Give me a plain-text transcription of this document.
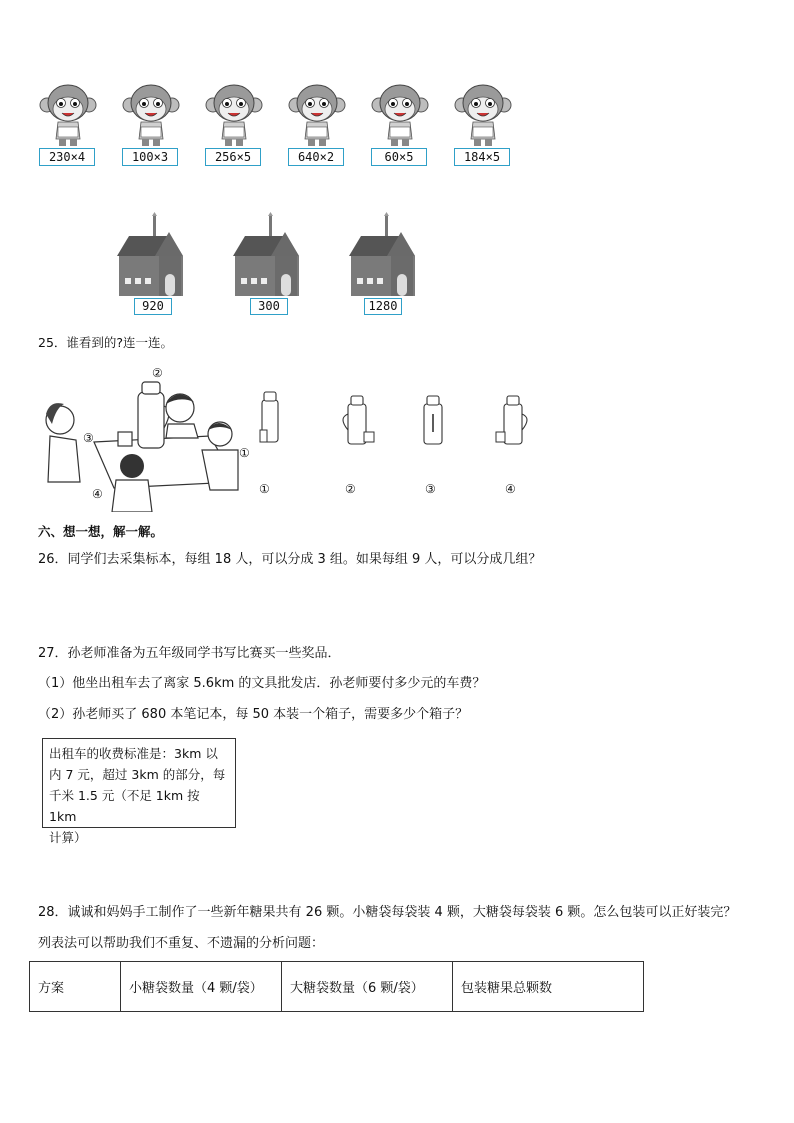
230×4	100×3	256×5	640×2	60×5	184×5
920	300	1280
25．谁看到的?连一连。
②
③
①
④	①	②	③	④
六、想一想，解一解。
26．同学们去采集标本，每组 18 人，可以分成 3 组。如果每组 9 人，可以分成几组？
27．孙老师准备为五年级同学书写比赛买一些奖品．
（1）他坐出租车去了离家 5.6km 的文具批发店．孙老师要付多少元的车费？
（2）孙老师买了 680 本笔记本，每 50 本装一个箱子，需要多少个箱子？
出租车的收费标准是：3km 以
内 7 元，超过 3km 的部分，每
千米 1.5 元（不足 1km 按 1km
计算）
28．诚诚和妈妈手工制作了一些新年糖果共有 26 颗。小糖袋每袋装 4 颗，大糖袋每袋装 6 颗。怎么包装可以正好装完？
列表法可以帮助我们不重复、不遗漏的分析问题：
方案	小糖袋数量（4 颗/袋）	大糖袋数量（6 颗/袋）	包装糖果总颗数
